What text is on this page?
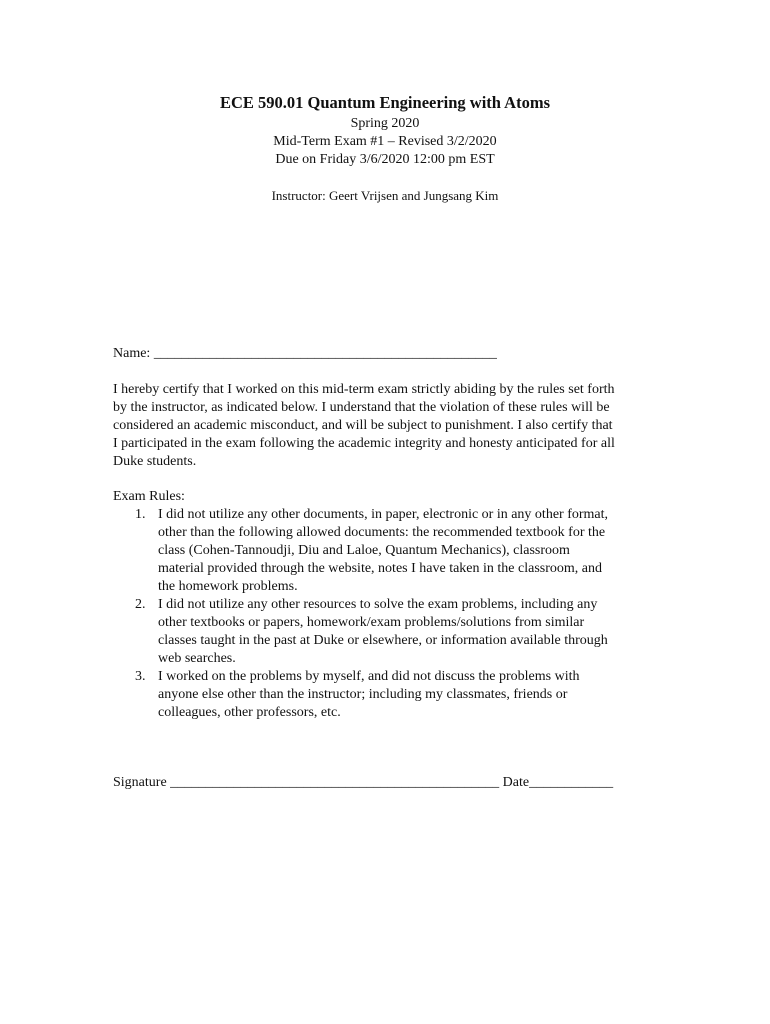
ECE 590.01 Quantum Engineering with Atoms
Spring 2020
Mid-Term Exam #1 – Revised 3/2/2020
Due on Friday 3/6/2020 12:00 pm EST
Instructor: Geert Vrijsen and Jungsang Kim
Name: _________________________________________________
I hereby certify that I worked on this mid-term exam strictly abiding by the rules set forth
by the instructor, as indicated below. I understand that the violation of these rules will be
considered an academic misconduct, and will be subject to punishment. I also certify that
I participated in the exam following the academic integrity and honesty anticipated for all
Duke students.
Exam Rules:
1. I did not utilize any other documents, in paper, electronic or in any other format,
other than the following allowed documents: the recommended textbook for the
class (Cohen-Tannoudji, Diu and Laloe, Quantum Mechanics), classroom
material provided through the website, notes I have taken in the classroom, and
the homework problems.
2. I did not utilize any other resources to solve the exam problems, including any
other textbooks or papers, homework/exam problems/solutions from similar
classes taught in the past at Duke or elsewhere, or information available through
web searches.
3. I worked on the problems by myself, and did not discuss the problems with
anyone else other than the instructor; including my classmates, friends or
colleagues, other professors, etc.
Signature _______________________________________________ Date____________
